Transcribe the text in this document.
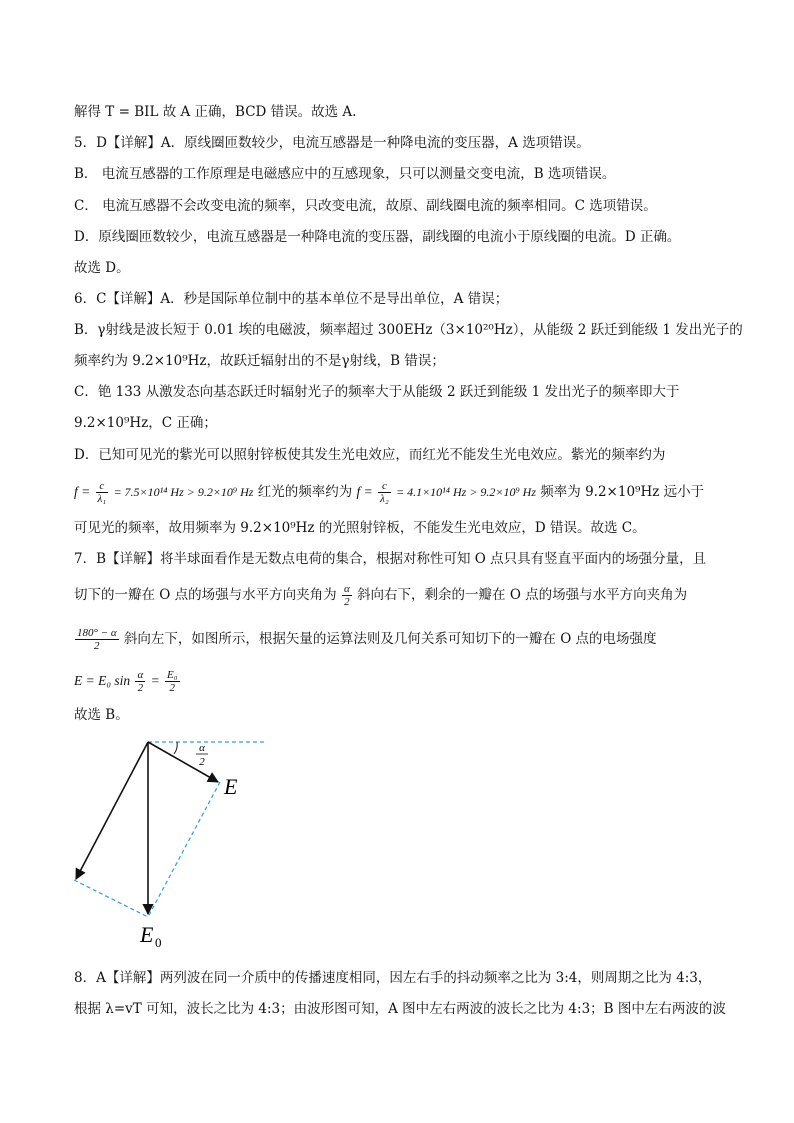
解得 T = BIL 故 A 正确，BCD 错误。故选 A.
5．D【详解】A．原线圈匝数较少，电流互感器是一种降电流的变压器，A 选项错误。
B． 电流互感器的工作原理是电磁感应中的互感现象，只可以测量交变电流，B 选项错误。
C． 电流互感器不会改变电流的频率，只改变电流，故原、副线圈电流的频率相同。C 选项错误。
D．原线圈匝数较少，电流互感器是一种降电流的变压器，副线圈的电流小于原线圈的电流。D 正确。
故选 D。
6．C【详解】A．秒是国际单位制中的基本单位不是导出单位，A 错误；
B．γ射线是波长短于 0.01 埃的电磁波，频率超过 300EHz（3×10²⁰Hz），从能级 2 跃迁到能级 1 发出光子的
频率约为 9.2×10⁹Hz，故跃迁辐射出的不是γ射线，B 错误；
C．铯 133 从激发态向基态跃迁时辐射光子的频率大于从能级 2 跃迁到能级 1 发出光子的频率即大于
9.2×10⁹Hz，C 正确；
D．已知可见光的紫光可以照射锌板使其发生光电效应，而红光不能发生光电效应。紫光的频率约为
$f = \frac{c}{\text{λ₁}} = 7.5\times 10^{14}$ Hz > 9.2×10⁹ Hz 红光的频率约为 $f = \frac{c}{\text{λ₂}} = 4.1\times 10^{14}$ Hz > 9.2×10⁹ Hz 频率为 9.2×10⁹Hz 远小于
可见光的频率，故用频率为 9.2×10⁹Hz 的光照射锌板，不能发生光电效应，D 错误。故选 C。
7．B【详解】将半球面看作是无数点电荷的集合，根据对称性可知 O 点只具有竖直平面内的场强分量，且
切下的一瓣在 O 点的场强与水平方向夹角为 $\frac{\alpha}{2}$ 斜向右下，剩余的一瓣在 O 点的场强与水平方向夹角为
$\frac{180^\circ - \alpha}{2}$ 斜向左下，如图所示，根据矢量的运算法则及几何关系可知切下的一瓣在 O 点的电场强度
E = E₀ $\sin \frac{\alpha}{2} = \frac{\text{E₀}}{2}$
故选 B。
α
2
E
E 0
8．A【详解】两列波在同一介质中的传播速度相同，因左右手的抖动频率之比为 3:4，则周期之比为 4:3，
根据 λ=vT 可知，波长之比为 4:3；由波形图可知，A 图中左右两波的波长之比为 4:3；B 图中左右两波的波
